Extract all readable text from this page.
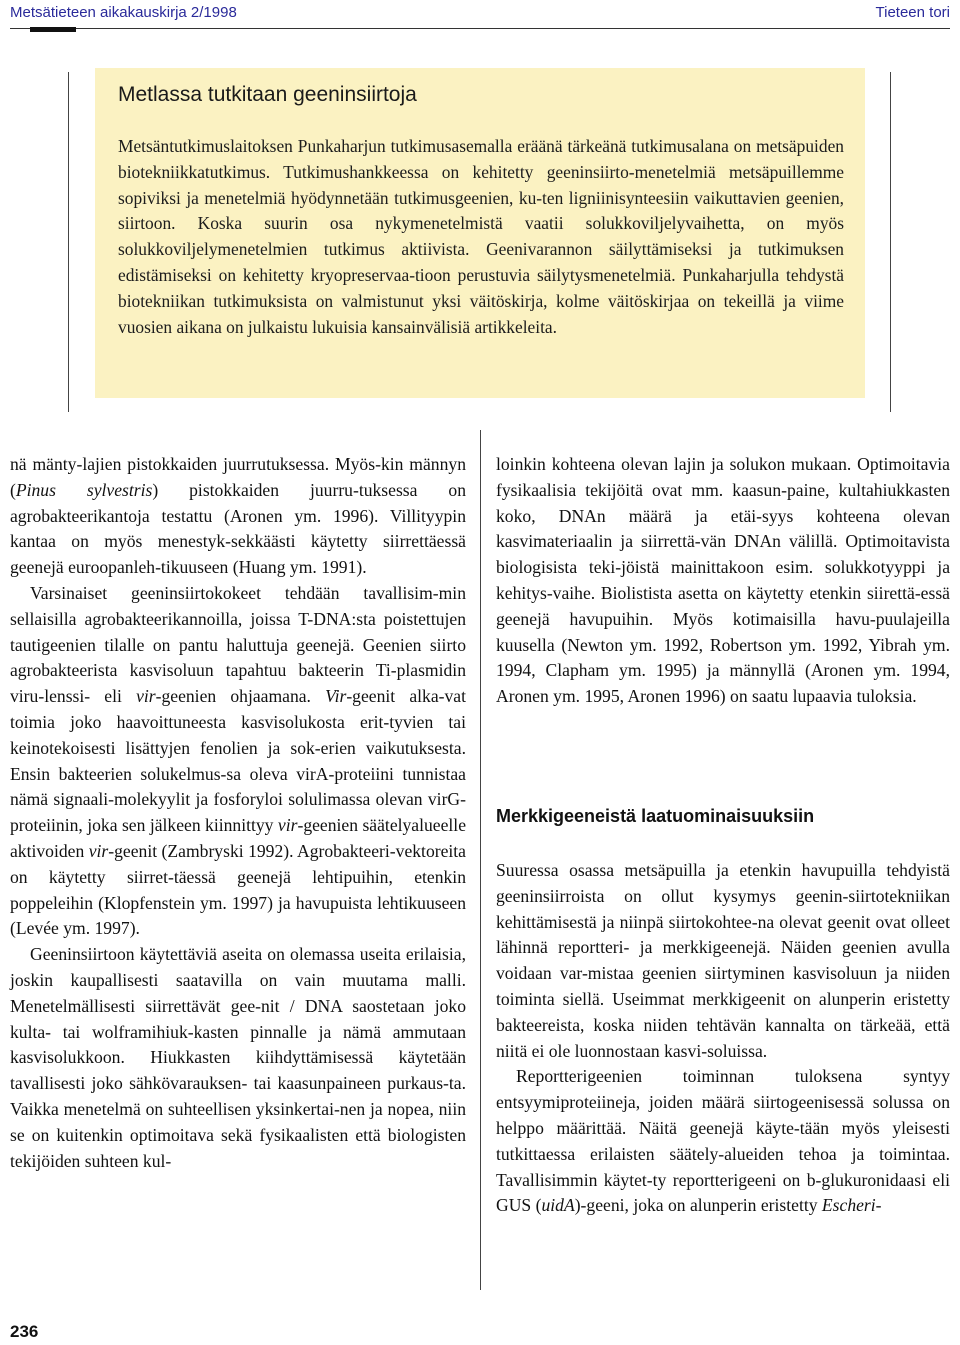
Metsätieteen aikakauskirja 2/1998	Tieteen tori
Metlassa tutkitaan geeninsiirtoja

Metsäntutkimuslaitoksen Punkaharjun tutkimusasemalla eräänä tärkeänä tutkimusalana on metsäpuiden biotekniikkatutkimus. Tutkimushankkeessa on kehitetty geeninsiirto-menetelmiä metsäpuillemme sopiviksi ja menetelmiä hyödynnetään tutkimusgeenien, ku-ten ligniinisynteesiin vaikuttavien geenien, siirtoon. Koska suurin osa nykymenetelmistä vaatii solukkoviljelyvaihetta, on myös solukkoviljelymenetelmien tutkimus aktiivista. Geenivarannon säilyttämiseksi ja tutkimuksen edistämiseksi on kehitetty kryopreservaa-tioon perustuvia säilytysmenetelmiä. Punkaharjulla tehdystä biotekniikan tutkimuksista on valmistunut yksi väitöskirja, kolme väitöskirjaa on tekeillä ja viime vuosien aikana on julkaistu lukuisia kansainvälisiä artikkeleita.

nä mänty-lajien pistokkaiden juurrutuksessa. Myös-kin männyn (Pinus sylvestris) pistokkaiden juurru-tuksessa on agrobakteerikantoja testattu (Aronen ym. 1996). Villityypin kantaa on myös menestyk-sekkäästi käytetty siirrettäessä geenejä euroopanleh-tikuuseen (Huang ym. 1991).

Varsinaiset geeninsiirtokokeet tehdään tavallisim-min sellaisilla agrobakteerikannoilla, joissa T-DNA:sta poistettujen tautigeenien tilalle on pantu haluttuja geenejä. Geenien siirto agrobakteerista kasvisoluun tapahtuu bakteerin Ti-plasmidin viru-lenssi- eli vir-geenien ohjaamana. Vir-geenit alka-vat toimia joko haavoittuneesta kasvisolukosta erit-tyvien tai keinotekoisesti lisättyjen fenolien ja sok-erien vaikutuksesta. Ensin bakteerien solukelmus-sa oleva virA-proteiini tunnistaa nämä signaali-molekyylit ja fosforyloi solulimassa olevan virG-proteiinin, joka sen jälkeen kiinnittyy vir-geenien säätelyalueelle aktivoiden vir-geenit (Zambryski 1992). Agrobakteeri-vektoreita on käytetty siirret-täessä geenejä lehtipuihin, etenkin poppeleihin (Klopfenstein ym. 1997) ja havupuista lehtikuuseen (Levée ym. 1997).

Geeninsiirtoon käytettäviä aseita on olemassa useita erilaisia, joskin kaupallisesti saatavilla on vain muutama malli. Menetelmällisesti siirrettävät gee-nit / DNA saostetaan joko kulta- tai wolframihiuk-kasten pinnalle ja nämä ammutaan kasvisolukkoon. Hiukkasten kiihdyttämisessä käytetään tavallisesti joko sähkövarauksen- tai kaasunpaineen purkaus-ta. Vaikka menetelmä on suhteellisen yksinkertai-nen ja nopea, niin se on kuitenkin optimoitava sekä fysikaalisten että biologisten tekijöiden suhteen kul-

loinkin kohteena olevan lajin ja solukon mukaan. Optimoitavia fysikaalisia tekijöitä ovat mm. kaasun-paine, kultahiukkasten koko, DNAn määrä ja etäi-syys kohteena olevan kasvimateriaalin ja siirrettä-vän DNAn välillä. Optimoitavista biologisista teki-jöistä mainittakoon esim. solukkotyyppi ja kehitys-vaihe. Biolistista asetta on käytetty etenkin siirettä-essä geenejä havupuihin. Myös kotimaisilla havu-puulajeilla kuusella (Newton ym. 1992, Robertson ym. 1992, Yibrah ym. 1994, Clapham ym. 1995) ja männyllä (Aronen ym. 1994, Aronen ym. 1995, Aronen 1996) on saatu lupaavia tuloksia.

Merkkigeeneistä laatuominaisuuksiin

Suuressa osassa metsäpuilla ja etenkin havupuilla tehdyistä geeninsiirroista on ollut kysymys geenin-siirtotekniikan kehittämisestä ja niinpä siirtokohtee-na olevat geenit ovat olleet lähinnä reportteri- ja merkkigeenejä. Näiden geenien avulla voidaan var-mistaa geenien siirtyminen kasvisoluun ja niiden toiminta siellä. Useimmat merkkigeenit on alunperin eristetty bakteereista, koska niiden tehtävän kannalta on tärkeää, että niitä ei ole luonnostaan kasvi-soluissa.

Reportterigeenien toiminnan tuloksena syntyy entsyymiproteiineja, joiden määrä siirtogeenisessä solussa on helppo määrittää. Näitä geenejä käyte-tään myös yleisesti tutkittaessa erilaisten säätely-alueiden tehoa ja toimintaa. Tavallisimmin käytet-ty reportterigeeni on b-glukuronidaasi eli GUS (uidA)-geeni, joka on alunperin eristetty Escheri-

236
